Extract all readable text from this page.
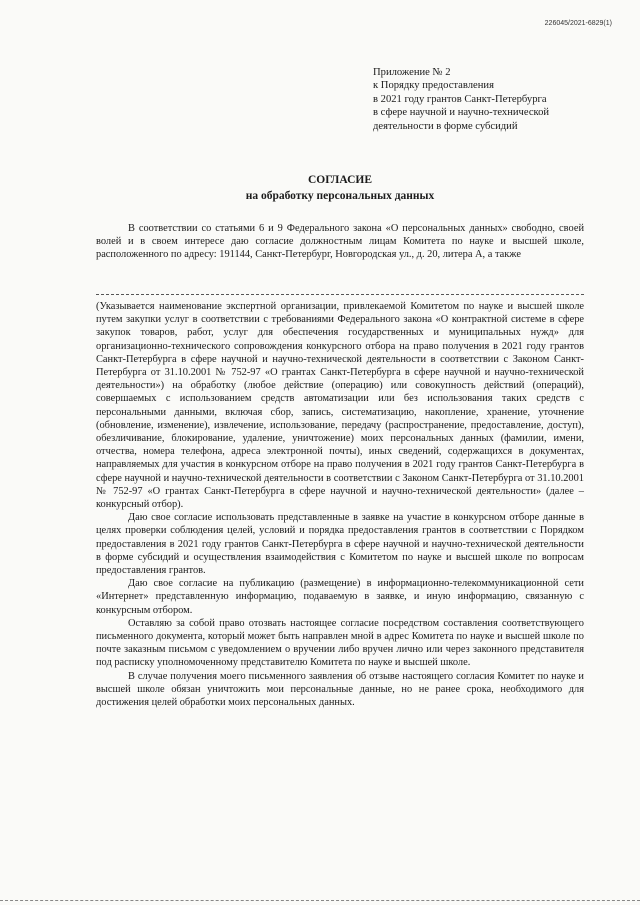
226045/2021-6829(1)
Приложение № 2
к Порядку предоставления
в 2021 году грантов Санкт-Петербурга
в сфере научной и научно-технической
деятельности в форме субсидий
СОГЛАСИЕ
на обработку персональных данных

В соответствии со статьями 6 и 9 Федерального закона «О персональных данных» свободно, своей волей и в своем интересе даю согласие должностным лицам Комитета по науке и высшей школе, расположенного по адресу: 191144, Санкт-Петербург, Новгородская ул., д. 20, литера А, а также

(Указывается наименование экспертной организации, привлекаемой Комитетом по науке и высшей школе путем закупки услуг в соответствии с требованиями Федерального закона «О контрактной системе в сфере закупок товаров, работ, услуг для обеспечения государственных и муниципальных нужд» для организационно-технического сопровождения конкурсного отбора на право получения в 2021 году грантов Санкт-Петербурга в сфере научной и научно-технической деятельности в соответствии с Законом Санкт-Петербурга от 31.10.2001 № 752-97 «О грантах Санкт-Петербурга в сфере научной и научно-технической деятельности») на обработку (любое действие (операцию) или совокупность действий (операций), совершаемых с использованием средств автоматизации или без использования таких средств с персональными данными, включая сбор, запись, систематизацию, накопление, хранение, уточнение (обновление, изменение), извлечение, использование, передачу (распространение, предоставление, доступ), обезличивание, блокирование, удаление, уничтожение) моих персональных данных (фамилии, имени, отчества, номера телефона, адреса электронной почты), иных сведений, содержащихся в документах, направляемых для участия в конкурсном отборе на право получения в 2021 году грантов Санкт-Петербурга в сфере научной и научно-технической деятельности в соответствии с Законом Санкт-Петербурга от 31.10.2001 № 752-97 «О грантах Санкт-Петербурга в сфере научной и научно-технической деятельности» (далее – конкурсный отбор).

Даю свое согласие использовать представленные в заявке на участие в конкурсном отборе данные в целях проверки соблюдения целей, условий и порядка предоставления грантов в соответствии с Порядком предоставления в 2021 году грантов Санкт-Петербурга в сфере научной и научно-технической деятельности в форме субсидий и осуществления взаимодействия с Комитетом по науке и высшей школе по вопросам предоставления грантов.

Даю свое согласие на публикацию (размещение) в информационно-телекоммуникационной сети «Интернет» представленную информацию, подаваемую в заявке, и иную информацию, связанную с конкурсным отбором.

Оставляю за собой право отозвать настоящее согласие посредством составления соответствующего письменного документа, который может быть направлен мной в адрес Комитета по науке и высшей школе по почте заказным письмом с уведомлением о вручении либо вручен лично или через законного представителя под расписку уполномоченному представителю Комитета по науке и высшей школе.

В случае получения моего письменного заявления об отзыве настоящего согласия Комитет по науке и высшей школе обязан уничтожить мои персональные данные, но не ранее срока, необходимого для достижения целей обработки моих персональных данных.
